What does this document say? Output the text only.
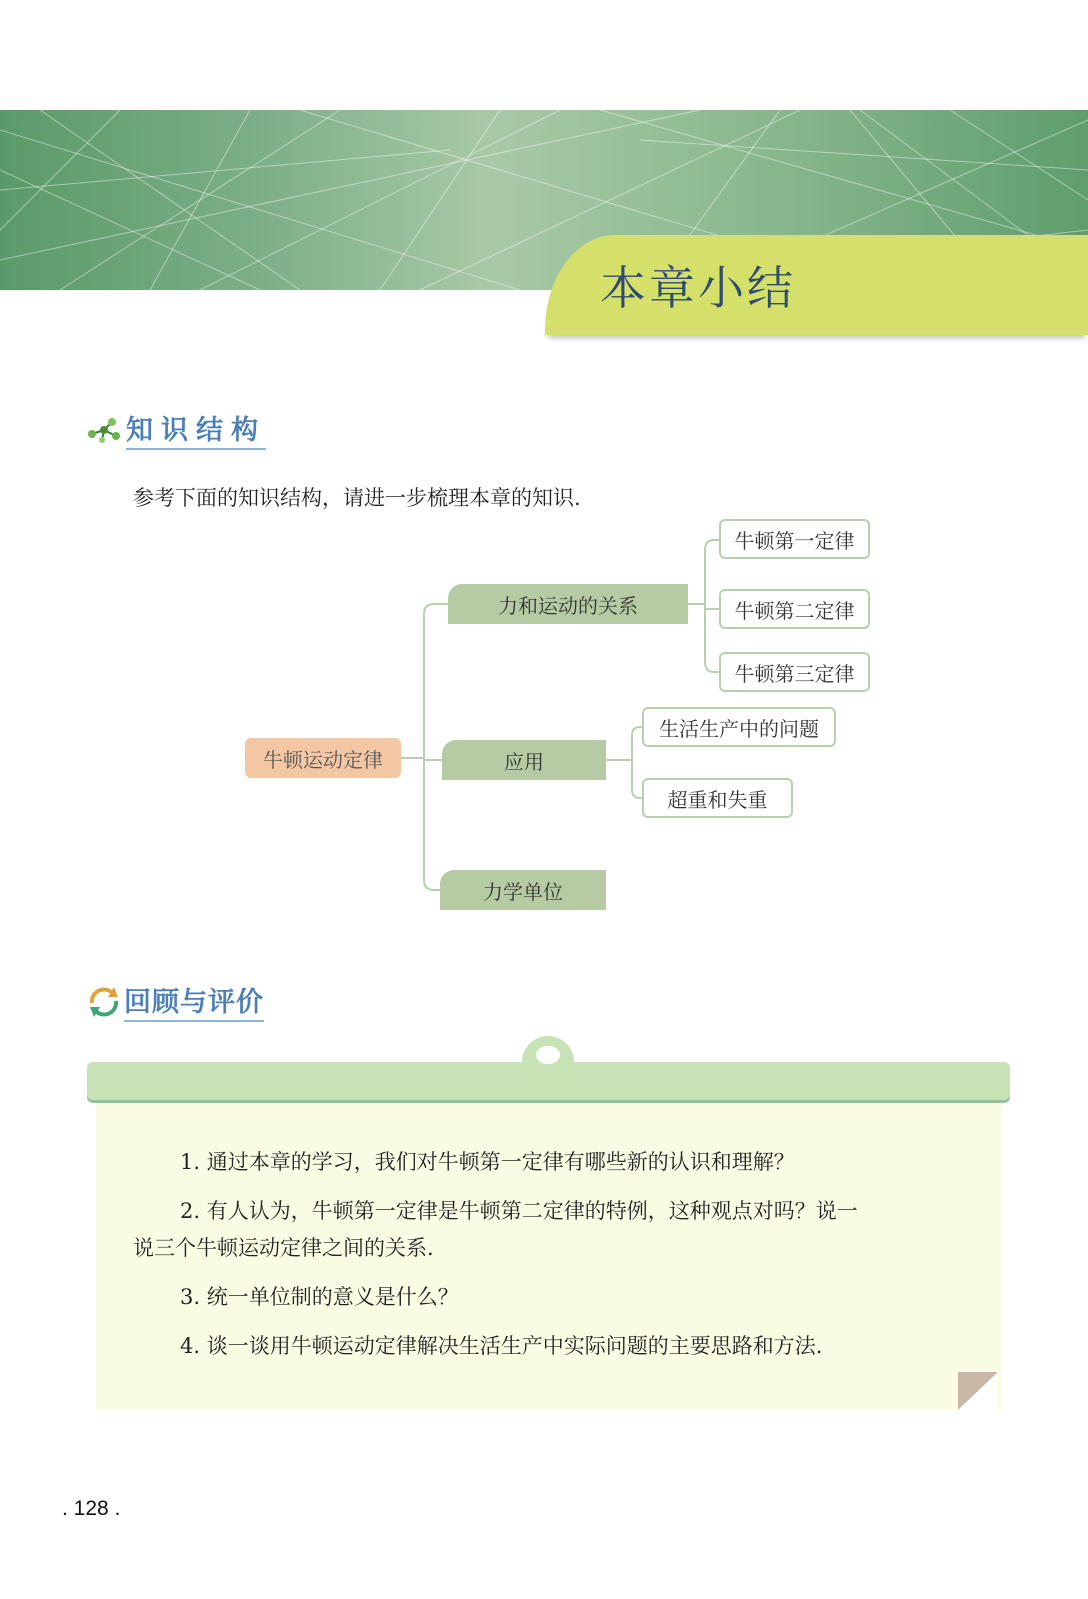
本章小结
知识结构
参考下面的知识结构，请进一步梳理本章的知识.
牛顿运动定律
力和运动的关系
应用
力学单位
牛顿第一定律
牛顿第二定律
牛顿第三定律
生活生产中的问题
超重和失重
回顾与评价
1. 通过本章的学习，我们对牛顿第一定律有哪些新的认识和理解？
2. 有人认为，牛顿第一定律是牛顿第二定律的特例，这种观点对吗？说一
说三个牛顿运动定律之间的关系.
3. 统一单位制的意义是什么？
4. 谈一谈用牛顿运动定律解决生活生产中实际问题的主要思路和方法.
. 128 .
